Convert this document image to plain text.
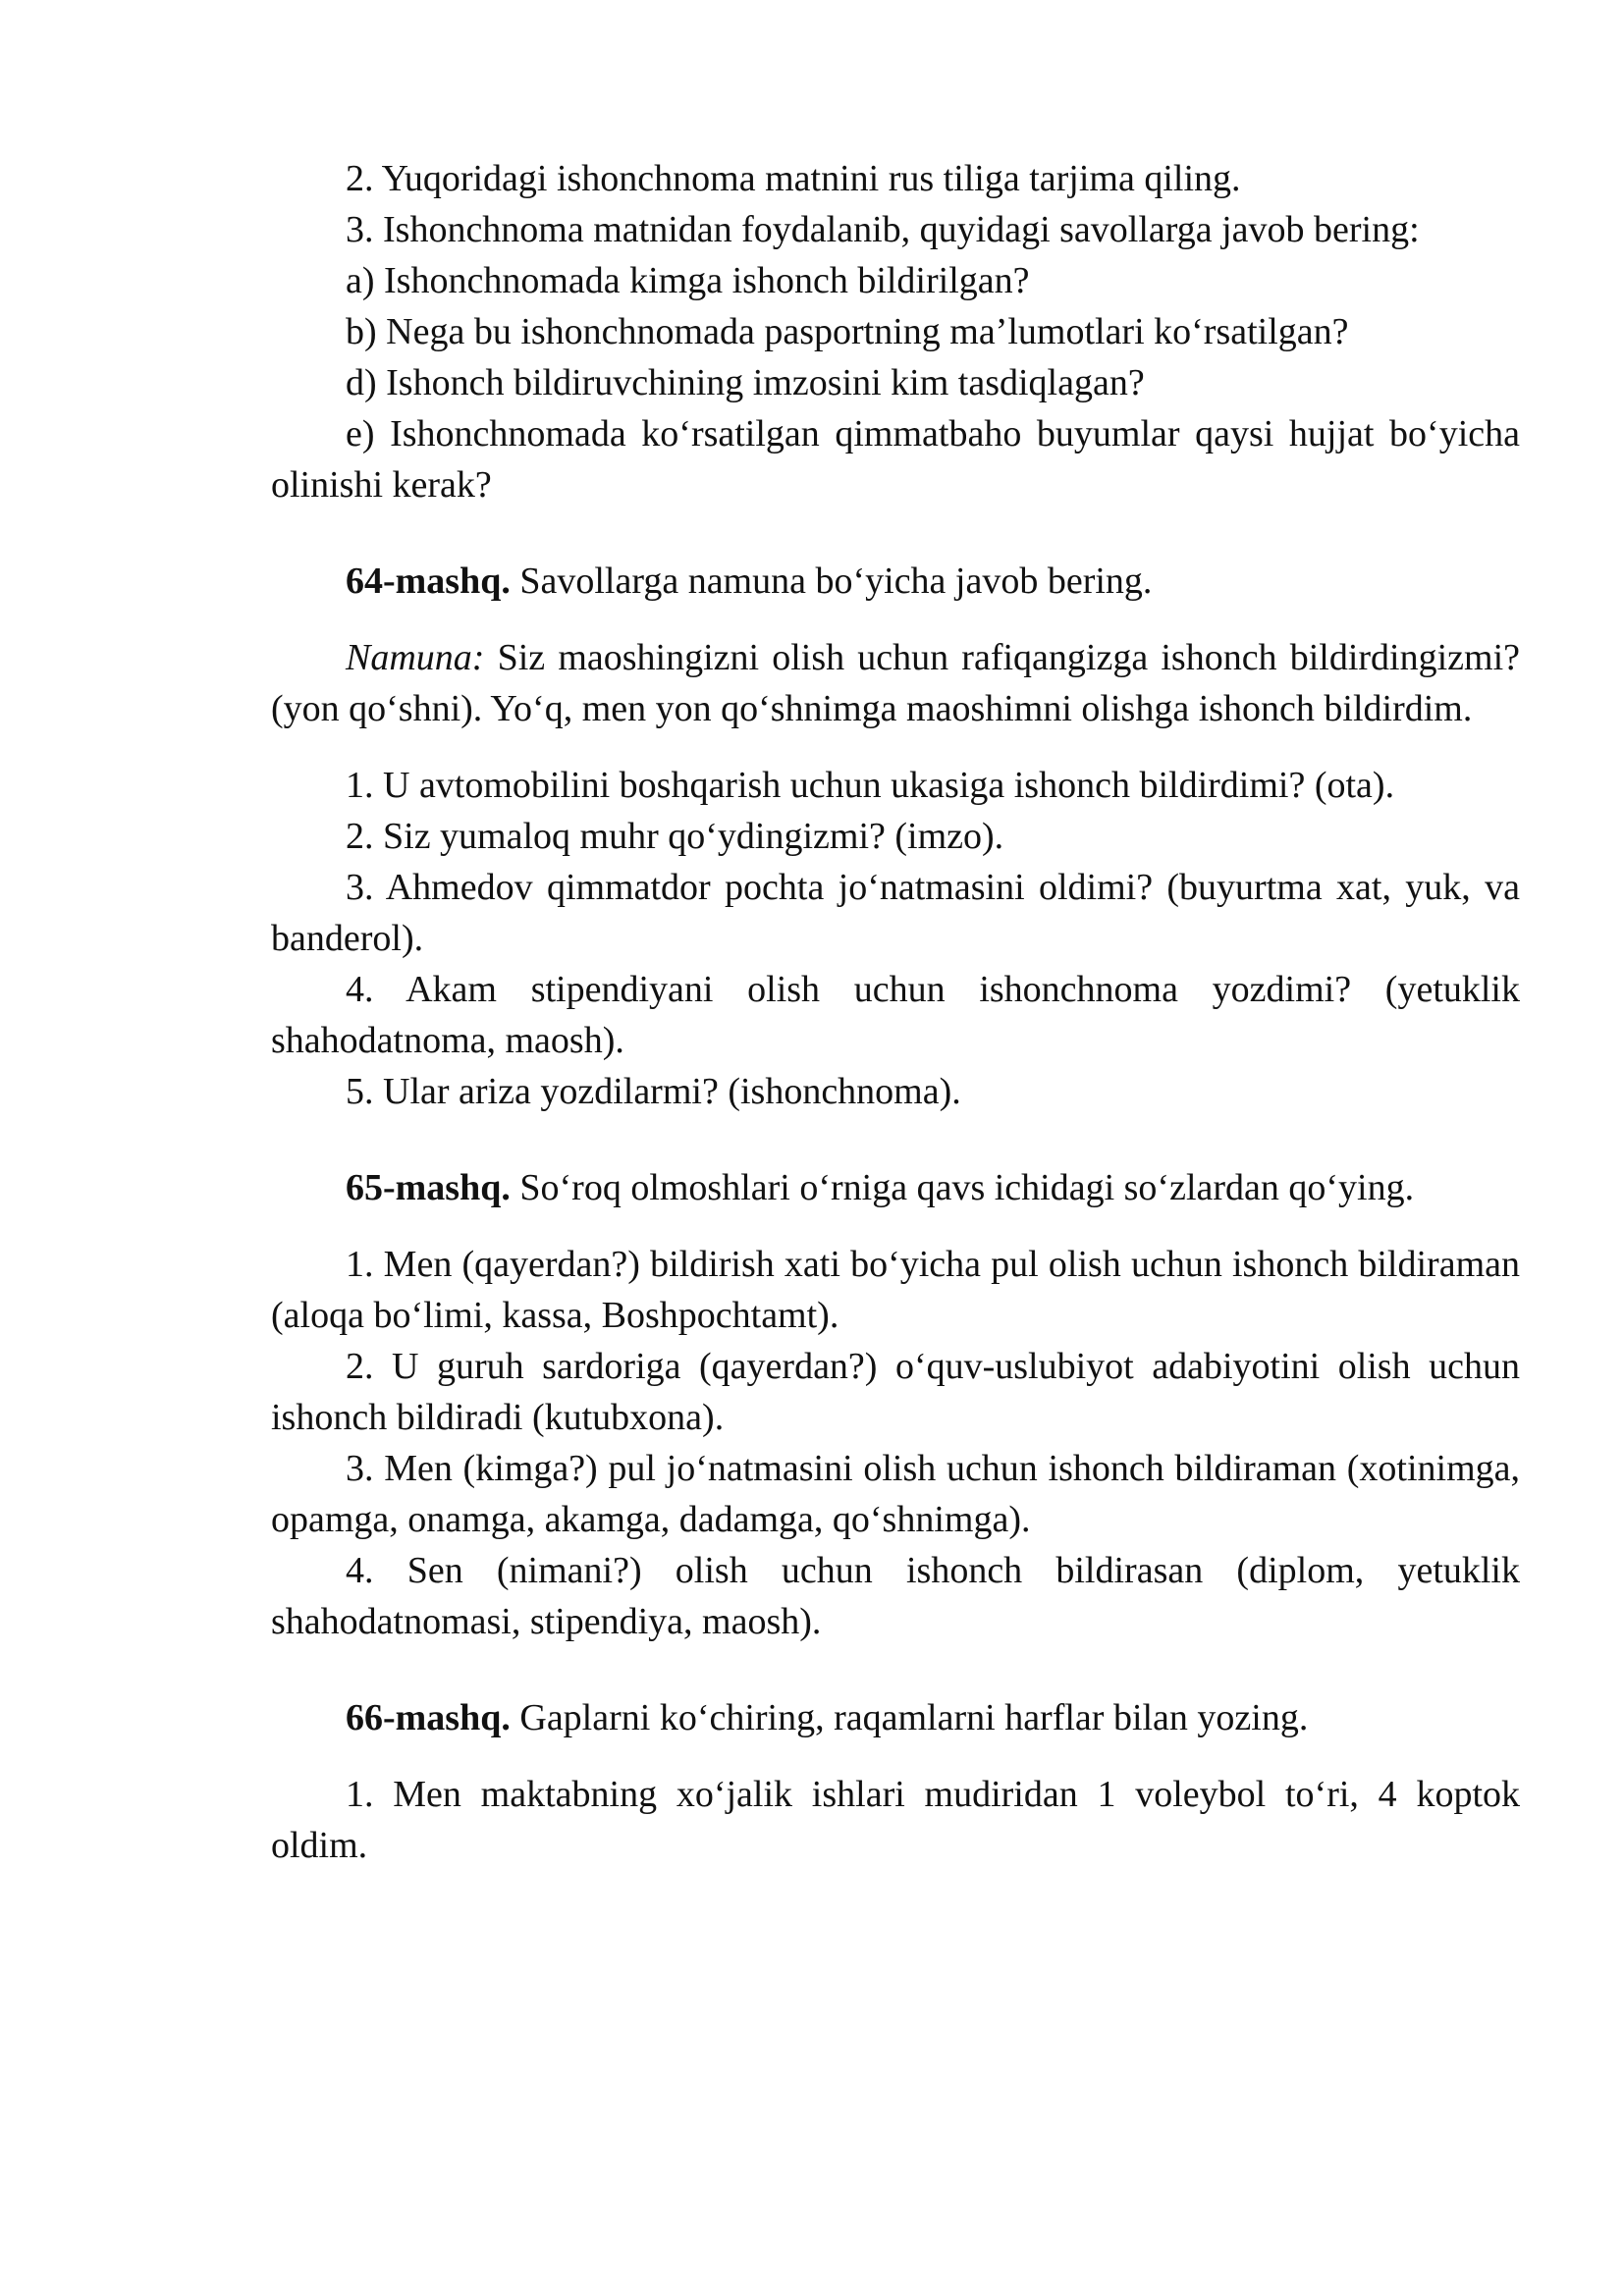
2. Yuqoridagi ishonchnoma matnini rus tiliga tarjima qiling.

3. Ishonchnoma matnidan foydalanib, quyidagi savollarga javob bering:

a) Ishonchnomada kimga ishonch bildirilgan?

b) Nega bu ishonchnomada pasportning ma’lumotlari ko‘rsatilgan?

d) Ishonch bildiruvchining imzosini kim tasdiqlagan?

e) Ishonchnomada ko‘rsatilgan qimmatbaho buyumlar qaysi hujjat bo‘yicha olinishi kerak?

64-mashq. Savollarga namuna bo‘yicha javob bering.

Namuna: Siz maoshingizni olish uchun rafiqangizga ishonch bildirdingizmi? (yon qo‘shni). Yo‘q, men yon qo‘shnimga maoshimni olishga ishonch bildirdim.

1. U avtomobilini boshqarish uchun ukasiga ishonch bildirdimi? (ota).

2. Siz yumaloq muhr qo‘ydingizmi? (imzo).

3. Ahmedov qimmatdor pochta jo‘natmasini oldimi? (buyurtma xat, yuk, va banderol).

4. Akam stipendiyani olish uchun ishonchnoma yozdimi? (yetuklik shahodatnoma, maosh).

5. Ular ariza yozdilarmi? (ishonchnoma).

65-mashq. So‘roq olmoshlari o‘rniga qavs ichidagi so‘zlardan qo‘ying.

1. Men (qayerdan?) bildirish xati bo‘yicha pul olish uchun ishonch bildiraman (aloqa bo‘limi, kassa, Boshpochtamt).

2. U guruh sardoriga (qayerdan?) o‘quv-uslubiyot adabiyotini olish uchun ishonch bildiradi (kutubxona).

3. Men (kimga?) pul jo‘natmasini olish uchun ishonch bildiraman (xotinimga, opamga, onamga, akamga, dadamga, qo‘shnimga).

4. Sen (nimani?) olish uchun ishonch bildirasan (diplom, yetuklik shahodatnomasi, stipendiya, maosh).

66-mashq. Gaplarni ko‘chiring, raqamlarni harflar bilan yozing.

1. Men maktabning xo‘jalik ishlari mudiridan 1 voleybol to‘ri, 4 koptok oldim.
